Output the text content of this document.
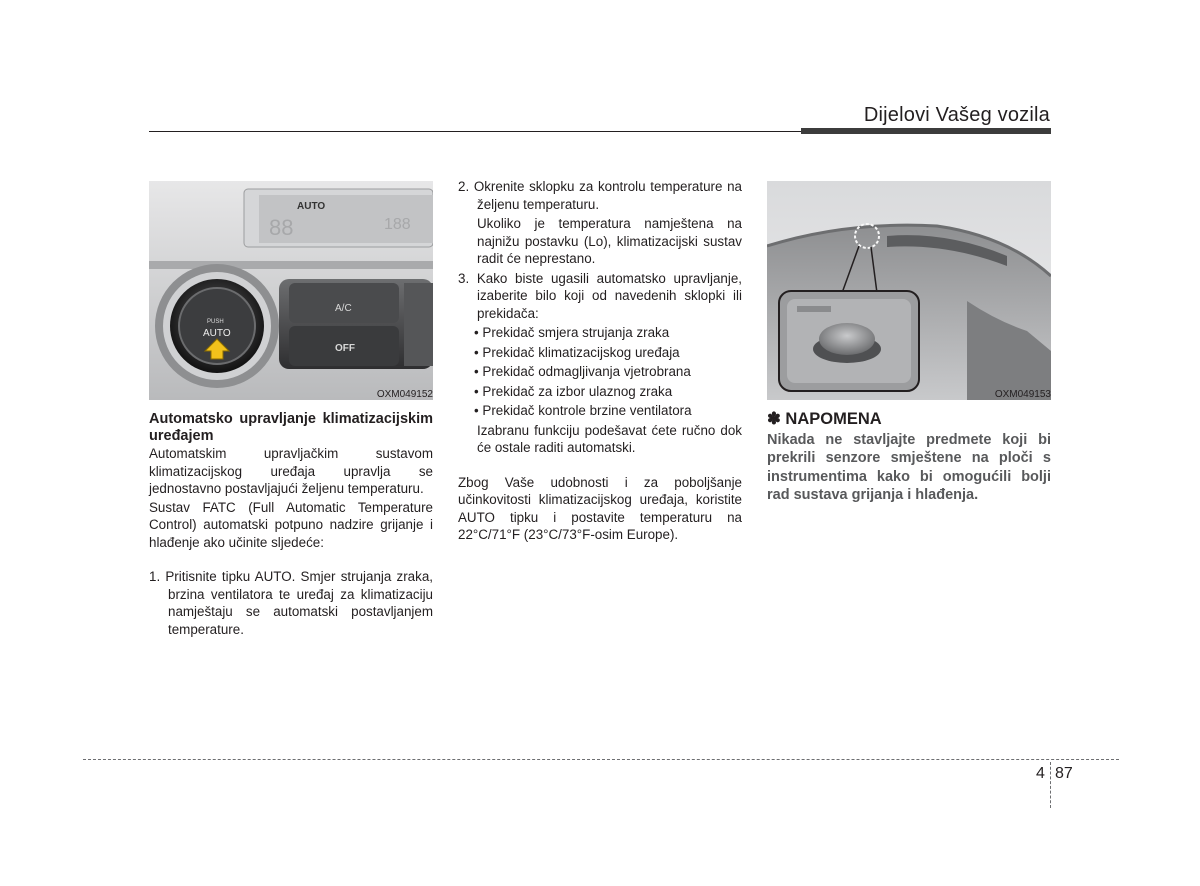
Dijelovi Vašeg vozila
AUTO
88	188
A/C
OFF
PUSH
AUTO
OXM049152

Automatsko upravljanje klimatizacijskim uređajem

Automatskim upravljačkim sustavom klimatizacijskog uređaja upravlja se jednostavno postavljajući željenu temperaturu.

Sustav FATC (Full Automatic Temperature Control) automatski potpuno nadzire grijanje i hlađenje ako učinite sljedeće:

1. Pritisnite tipku AUTO. Smjer strujanja zraka, brzina ventilatora te uređaj za klimatizaciju namještaju se automatski postavljanjem temperature.

2. Okrenite sklopku za kontrolu temperature na željenu temperaturu.

Ukoliko je temperatura namještena na najnižu postavku (Lo), klimatizacijski sustav radit će neprestano.

3. Kako biste ugasili automatsko upravljanje, izaberite bilo koji od navedenih sklopki ili prekidača:

• Prekidač smjera strujanja zraka

• Prekidač klimatizacijskog uređaja

• Prekidač odmagljivanja vjetrobrana

• Prekidač za izbor ulaznog zraka

• Prekidač kontrole brzine ventilatora

Izabranu funkciju podešavat ćete ručno dok će ostale raditi automatski.

Zbog Vaše udobnosti i za poboljšanje učinkovitosti klimatizacijskog uređaja, koristite AUTO tipku i postavite temperaturu na 22°C/71°F (23°C/73°F-osim Europe).

OXM049153

✽ NAPOMENA

Nikada ne stavljajte predmete koji bi prekrili senzore smještene na ploči s instrumentima kako bi omogućili bolji rad sustava grijanja i hlađenja.

4 87
